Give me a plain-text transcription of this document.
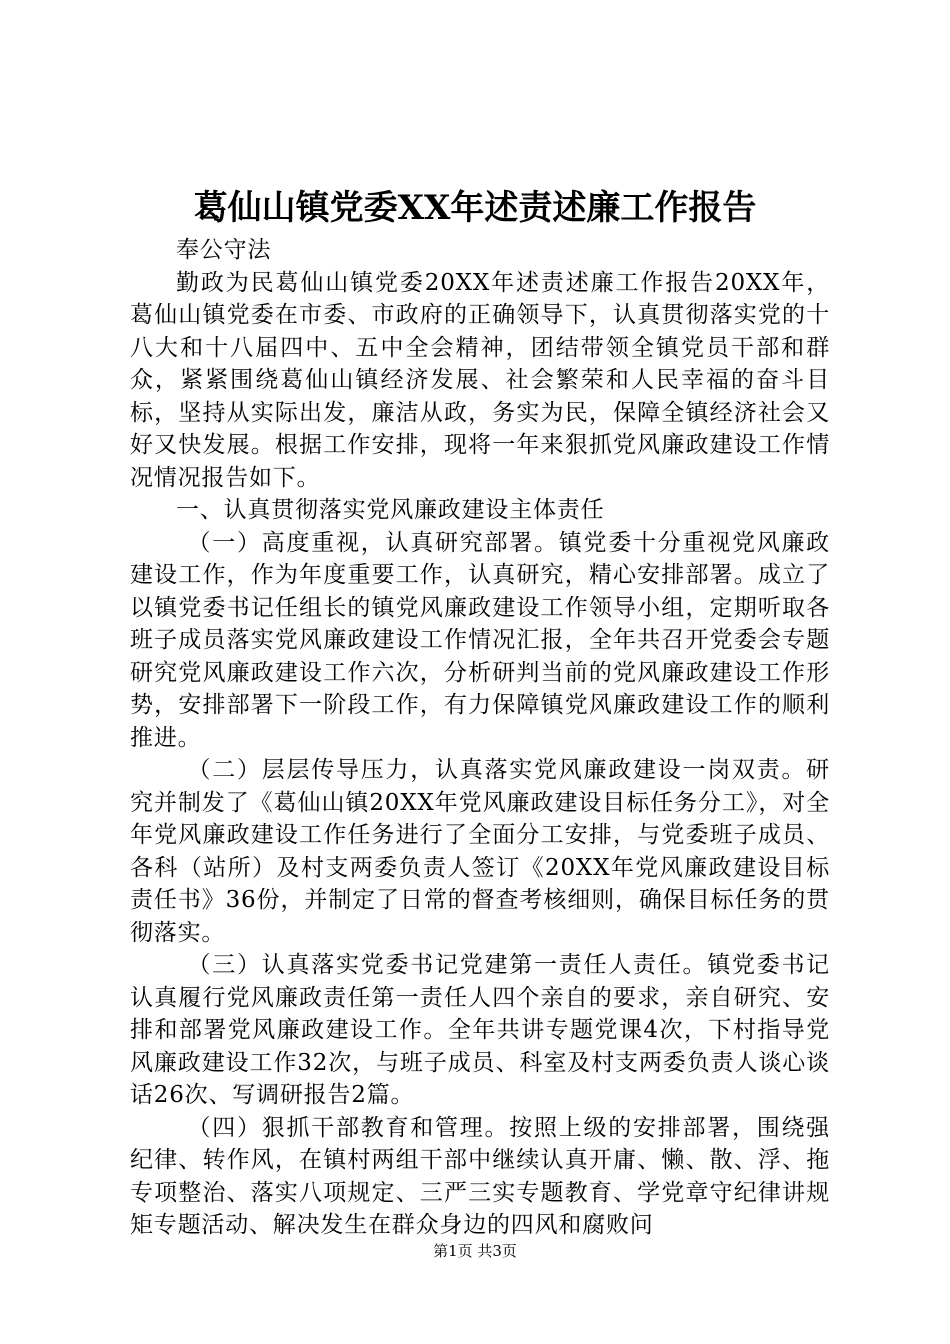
葛仙山镇党委XX年述责述廉工作报告

奉公守法

勤政为民葛仙山镇党委20XX年述责述廉工作报告20XX年，葛仙山镇党委在市委、市政府的正确领导下，认真贯彻落实党的十八大和十八届四中、五中全会精神，团结带领全镇党员干部和群众，紧紧围绕葛仙山镇经济发展、社会繁荣和人民幸福的奋斗目标，坚持从实际出发，廉洁从政，务实为民，保障全镇经济社会又好又快发展。根据工作安排，现将一年来狠抓党风廉政建设工作情况情况报告如下。

一、认真贯彻落实党风廉政建设主体责任

（一）高度重视，认真研究部署。镇党委十分重视党风廉政建设工作，作为年度重要工作，认真研究，精心安排部署。成立了以镇党委书记任组长的镇党风廉政建设工作领导小组，定期听取各班子成员落实党风廉政建设工作情况汇报，全年共召开党委会专题研究党风廉政建设工作六次，分析研判当前的党风廉政建设工作形势，安排部署下一阶段工作，有力保障镇党风廉政建设工作的顺利推进。

（二）层层传导压力，认真落实党风廉政建设一岗双责。研究并制发了《葛仙山镇20XX年党风廉政建设目标任务分工》，对全年党风廉政建设工作任务进行了全面分工安排，与党委班子成员、各科（站所）及村支两委负责人签订《20XX年党风廉政建设目标责任书》36份，并制定了日常的督查考核细则，确保目标任务的贯彻落实。

（三）认真落实党委书记党建第一责任人责任。镇党委书记认真履行党风廉政责任第一责任人四个亲自的要求，亲自研究、安排和部署党风廉政建设工作。全年共讲专题党课4次，下村指导党风廉政建设工作32次，与班子成员、科室及村支两委负责人谈心谈话26次、写调研报告2篇。

（四）狠抓干部教育和管理。按照上级的安排部署，围绕强纪律、转作风，在镇村两组干部中继续认真开庸、懒、散、浮、拖专项整治、落实八项规定、三严三实专题教育、学党章守纪律讲规矩专题活动、解决发生在群众身边的四风和腐败问

第1页 共3页
